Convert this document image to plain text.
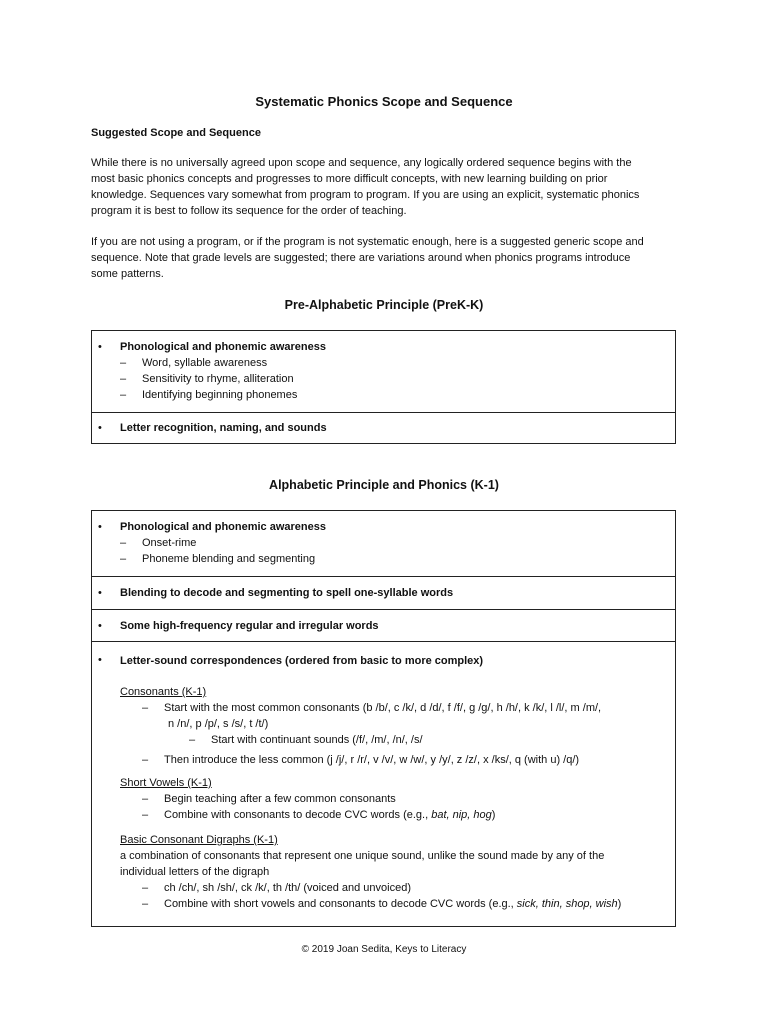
Systematic Phonics Scope and Sequence
Suggested Scope and Sequence
While there is no universally agreed upon scope and sequence, any logically ordered sequence begins with the
most basic phonics concepts and progresses to more difficult concepts, with new learning building on prior
knowledge. Sequences vary somewhat from program to program. If you are using an explicit, systematic phonics
program it is best to follow its sequence for the order of teaching.
If you are not using a program, or if the program is not systematic enough, here is a suggested generic scope and
sequence. Note that grade levels are suggested; there are variations around when phonics programs introduce
some patterns.
Pre-Alphabetic Principle (PreK-K)
• Phonological and phonemic awareness
– Word, syllable awareness
– Sensitivity to rhyme, alliteration
– Identifying beginning phonemes
• Letter recognition, naming, and sounds
Alphabetic Principle and Phonics (K-1)
• Phonological and phonemic awareness
– Onset-rime
– Phoneme blending and segmenting
• Blending to decode and segmenting to spell one-syllable words
• Some high-frequency regular and irregular words
• Letter-sound correspondences (ordered from basic to more complex)
Consonants (K-1)
– Start with the most common consonants (b /b/, c /k/, d /d/, f /f/, g /g/, h /h/, k /k/, l /l/, m /m/,
n /n/, p /p/, s /s/, t /t/)
– Start with continuant sounds (/f/, /m/, /n/, /s/
– Then introduce the less common (j /j/, r /r/, v /v/, w /w/, y /y/, z /z/, x /ks/, q (with u) /q/)
Short Vowels (K-1)
– Begin teaching after a few common consonants
– Combine with consonants to decode CVC words (e.g., bat, nip, hog)
Basic Consonant Digraphs (K-1)
a combination of consonants that represent one unique sound, unlike the sound made by any of the
individual letters of the digraph
– ch /ch/, sh /sh/, ck /k/, th /th/ (voiced and unvoiced)
– Combine with short vowels and consonants to decode CVC words (e.g., sick, thin, shop, wish)
© 2019 Joan Sedita, Keys to Literacy
